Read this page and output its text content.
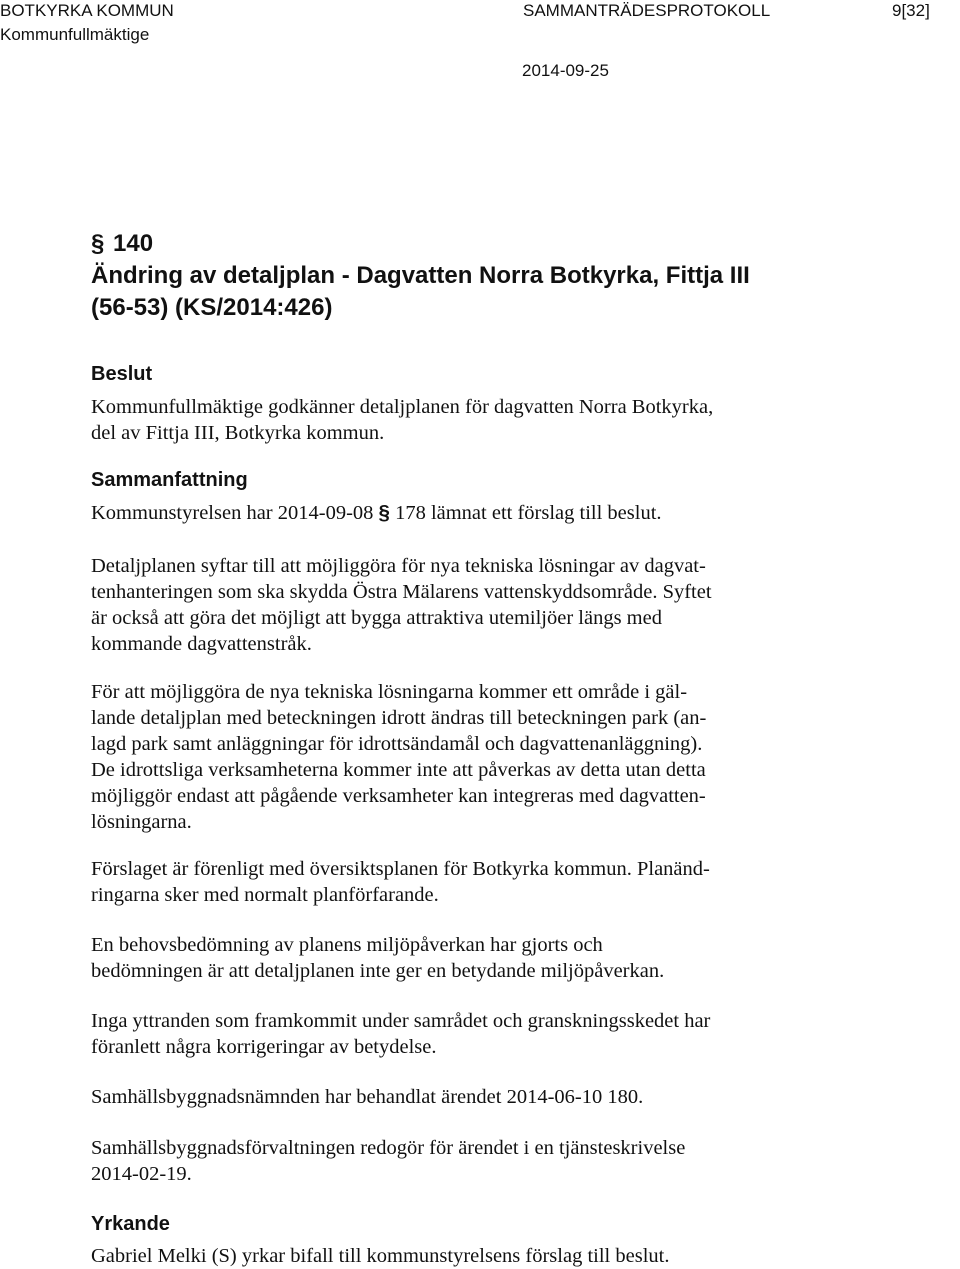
BOTKYRKA KOMMUN
Kommunfullmäktige
SAMMANTRÄDESPROTOKOLL	9[32]
2014-09-25
§ 140
Ändring av detaljplan - Dagvatten Norra Botkyrka, Fittja III
(56-53) (KS/2014:426)
Beslut
Kommunfullmäktige godkänner detaljplanen för dagvatten Norra Botkyrka,
del av Fittja III, Botkyrka kommun.
Sammanfattning
Kommunstyrelsen har 2014-09-08 § 178 lämnat ett förslag till beslut.
Detaljplanen syftar till att möjliggöra för nya tekniska lösningar av dagvat-
tenhanteringen som ska skydda Östra Mälarens vattenskyddsområde. Syftet
är också att göra det möjligt att bygga attraktiva utemiljöer längs med
kommande dagvattenstråk.
För att möjliggöra de nya tekniska lösningarna kommer ett område i gäl-
lande detaljplan med beteckningen idrott ändras till beteckningen park (an-
lagd park samt anläggningar för idrottsändamål och dagvattenanläggning).
De idrottsliga verksamheterna kommer inte att påverkas av detta utan detta
möjliggör endast att pågående verksamheter kan integreras med dagvatten-
lösningarna.
Förslaget är förenligt med översiktsplanen för Botkyrka kommun. Planänd-
ringarna sker med normalt planförfarande.
En behovsbedömning av planens miljöpåverkan har gjorts och
bedömningen är att detaljplanen inte ger en betydande miljöpåverkan.
Inga yttranden som framkommit under samrådet och granskningsskedet har
föranlett några korrigeringar av betydelse.
Samhällsbyggnadsnämnden har behandlat ärendet 2014-06-10 180.
Samhällsbyggnadsförvaltningen redogör för ärendet i en tjänsteskrivelse
2014-02-19.
Yrkande
Gabriel Melki (S) yrkar bifall till kommunstyrelsens förslag till beslut.
